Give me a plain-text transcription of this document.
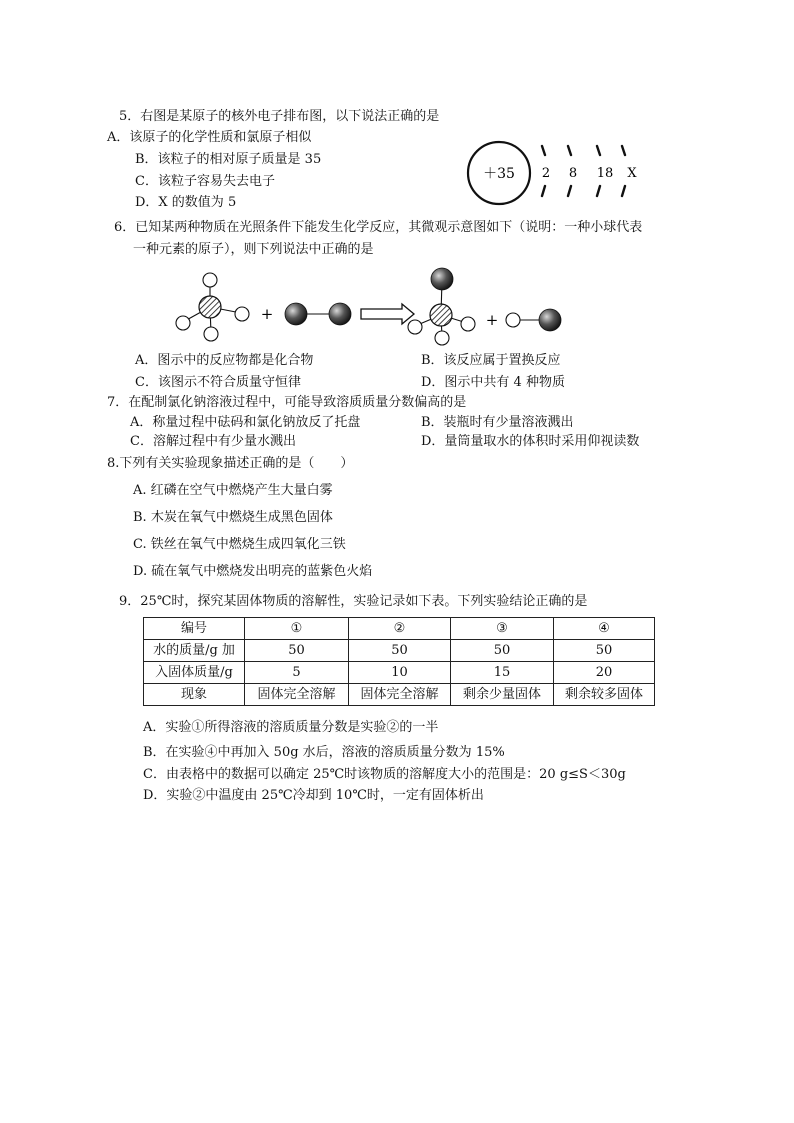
5．右图是某原子的核外电子排布图，以下说法正确的是
A．该原子的化学性质和氯原子相似
B．该粒子的相对原子质量是 35
C．该粒子容易失去电子
D．X 的数值为 5
＋35 2 8 18 X
6．已知某两种物质在光照条件下能发生化学反应，其微观示意图如下（说明：一种小球代表
一种元素的原子），则下列说法中正确的是
+	+
A．图示中的反应物都是化合物	B．该反应属于置换反应
C．该图示不符合质量守恒律	D．图示中共有 4 种物质
7．在配制氯化钠溶液过程中，可能导致溶质质量分数偏高的是
A．称量过程中砝码和氯化钠放反了托盘	B．装瓶时有少量溶液溅出
C．溶解过程中有少量水溅出	D．量筒量取水的体积时采用仰视读数
8.下列有关实验现象描述正确的是（　　）
A. 红磷在空气中燃烧产生大量白雾
B. 木炭在氧气中燃烧生成黑色固体
C. 铁丝在氧气中燃烧生成四氧化三铁
D. 硫在氧气中燃烧发出明亮的蓝紫色火焰
9．25℃时，探究某固体物质的溶解性，实验记录如下表。下列实验结论正确的是
编号	①	②	③	④
水的质量/g 加	50	50	50	50
入固体质量/g	5	10	15	20
现象	固体完全溶解	固体完全溶解	剩余少量固体	剩余较多固体
A．实验①所得溶液的溶质质量分数是实验②的一半
B．在实验④中再加入 50g 水后，溶液的溶质质量分数为 15%
C．由表格中的数据可以确定 25℃时该物质的溶解度大小的范围是：20 g≤S＜30g
D．实验②中温度由 25℃冷却到 10℃时，一定有固体析出
